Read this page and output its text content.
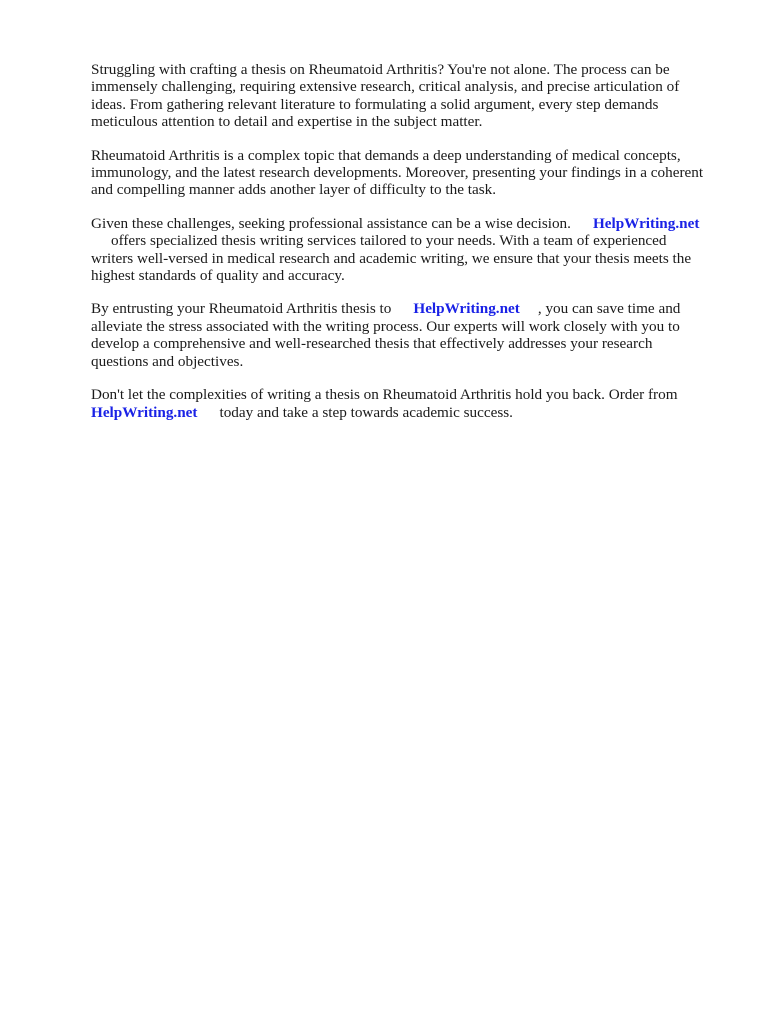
Struggling with crafting a thesis on Rheumatoid Arthritis? You're not alone. The process can be
immensely challenging, requiring extensive research, critical analysis, and precise articulation of
ideas. From gathering relevant literature to formulating a solid argument, every step demands
meticulous attention to detail and expertise in the subject matter.

Rheumatoid Arthritis is a complex topic that demands a deep understanding of medical concepts,
immunology, and the latest research developments. Moreover, presenting your findings in a coherent
and compelling manner adds another layer of difficulty to the task.

Given these challenges, seeking professional assistance can be a wise decision. HelpWriting.net
offers specialized thesis writing services tailored to your needs. With a team of experienced
writers well-versed in medical research and academic writing, we ensure that your thesis meets the
highest standards of quality and accuracy.

By entrusting your Rheumatoid Arthritis thesis to HelpWriting.net , you can save time and
alleviate the stress associated with the writing process. Our experts will work closely with you to
develop a comprehensive and well-researched thesis that effectively addresses your research
questions and objectives.

Don't let the complexities of writing a thesis on Rheumatoid Arthritis hold you back. Order from
HelpWriting.net today and take a step towards academic success.
